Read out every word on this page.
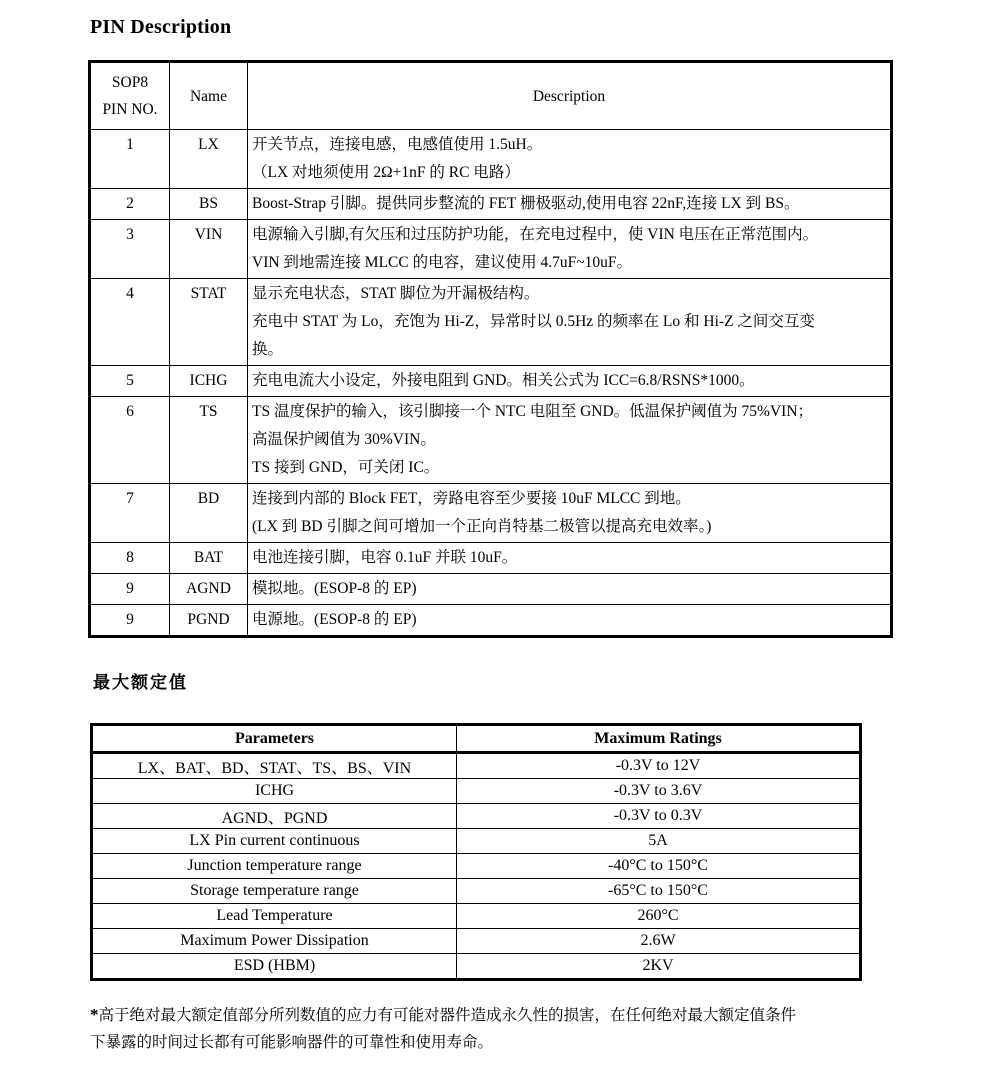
PIN Description
SOP8
PIN NO.	Name	Description
1	LX	开关节点，连接电感，电感值使用 1.5uH。
（LX 对地须使用 2Ω+1nF 的 RC 电路）

2	BS	Boost-Strap 引脚。提供同步整流的 FET 栅极驱动,使用电容 22nF,连接 LX 到 BS。

3	VIN	电源输入引脚,有欠压和过压防护功能，在充电过程中，使 VIN 电压在正常范围内。
VIN 到地需连接 MLCC 的电容，建议使用 4.7uF~10uF。

4	STAT	显示充电状态，STAT 脚位为开漏极结构。
充电中 STAT 为 Lo，充饱为 Hi-Z，异常时以 0.5Hz 的频率在 Lo 和 Hi-Z 之间交互变
换。

5	ICHG	充电电流大小设定，外接电阻到 GND。相关公式为 ICC=6.8/RSNS*1000。

6	TS	TS 温度保护的输入，该引脚接一个 NTC 电阻至 GND。低温保护阈值为 75%VIN；
高温保护阈值为 30%VIN。
TS 接到 GND，可关闭 IC。

7	BD	连接到内部的 Block FET，旁路电容至少要接 10uF MLCC 到地。
(LX 到 BD 引脚之间可增加一个正向肖特基二极管以提高充电效率。)

8	BAT	电池连接引脚，电容 0.1uF 并联 10uF。

9	AGND	模拟地。(ESOP-8 的 EP)

9	PGND	电源地。(ESOP-8 的 EP)
最大额定值
Parameters	Maximum Ratings
LX、BAT、BD、STAT、TS、BS、VIN	-0.3V to 12V
ICHG	-0.3V to 3.6V
AGND、PGND	-0.3V to 0.3V
LX Pin current continuous	5A
Junction temperature range	-40°C to 150°C
Storage temperature range	-65°C to 150°C
Lead Temperature	260°C
Maximum Power Dissipation	2.6W
ESD (HBM)	2KV
*高于绝对最大额定值部分所列数值的应力有可能对器件造成永久性的损害，在任何绝对最大额定值条件
下暴露的时间过长都有可能影响器件的可靠性和使用寿命。
